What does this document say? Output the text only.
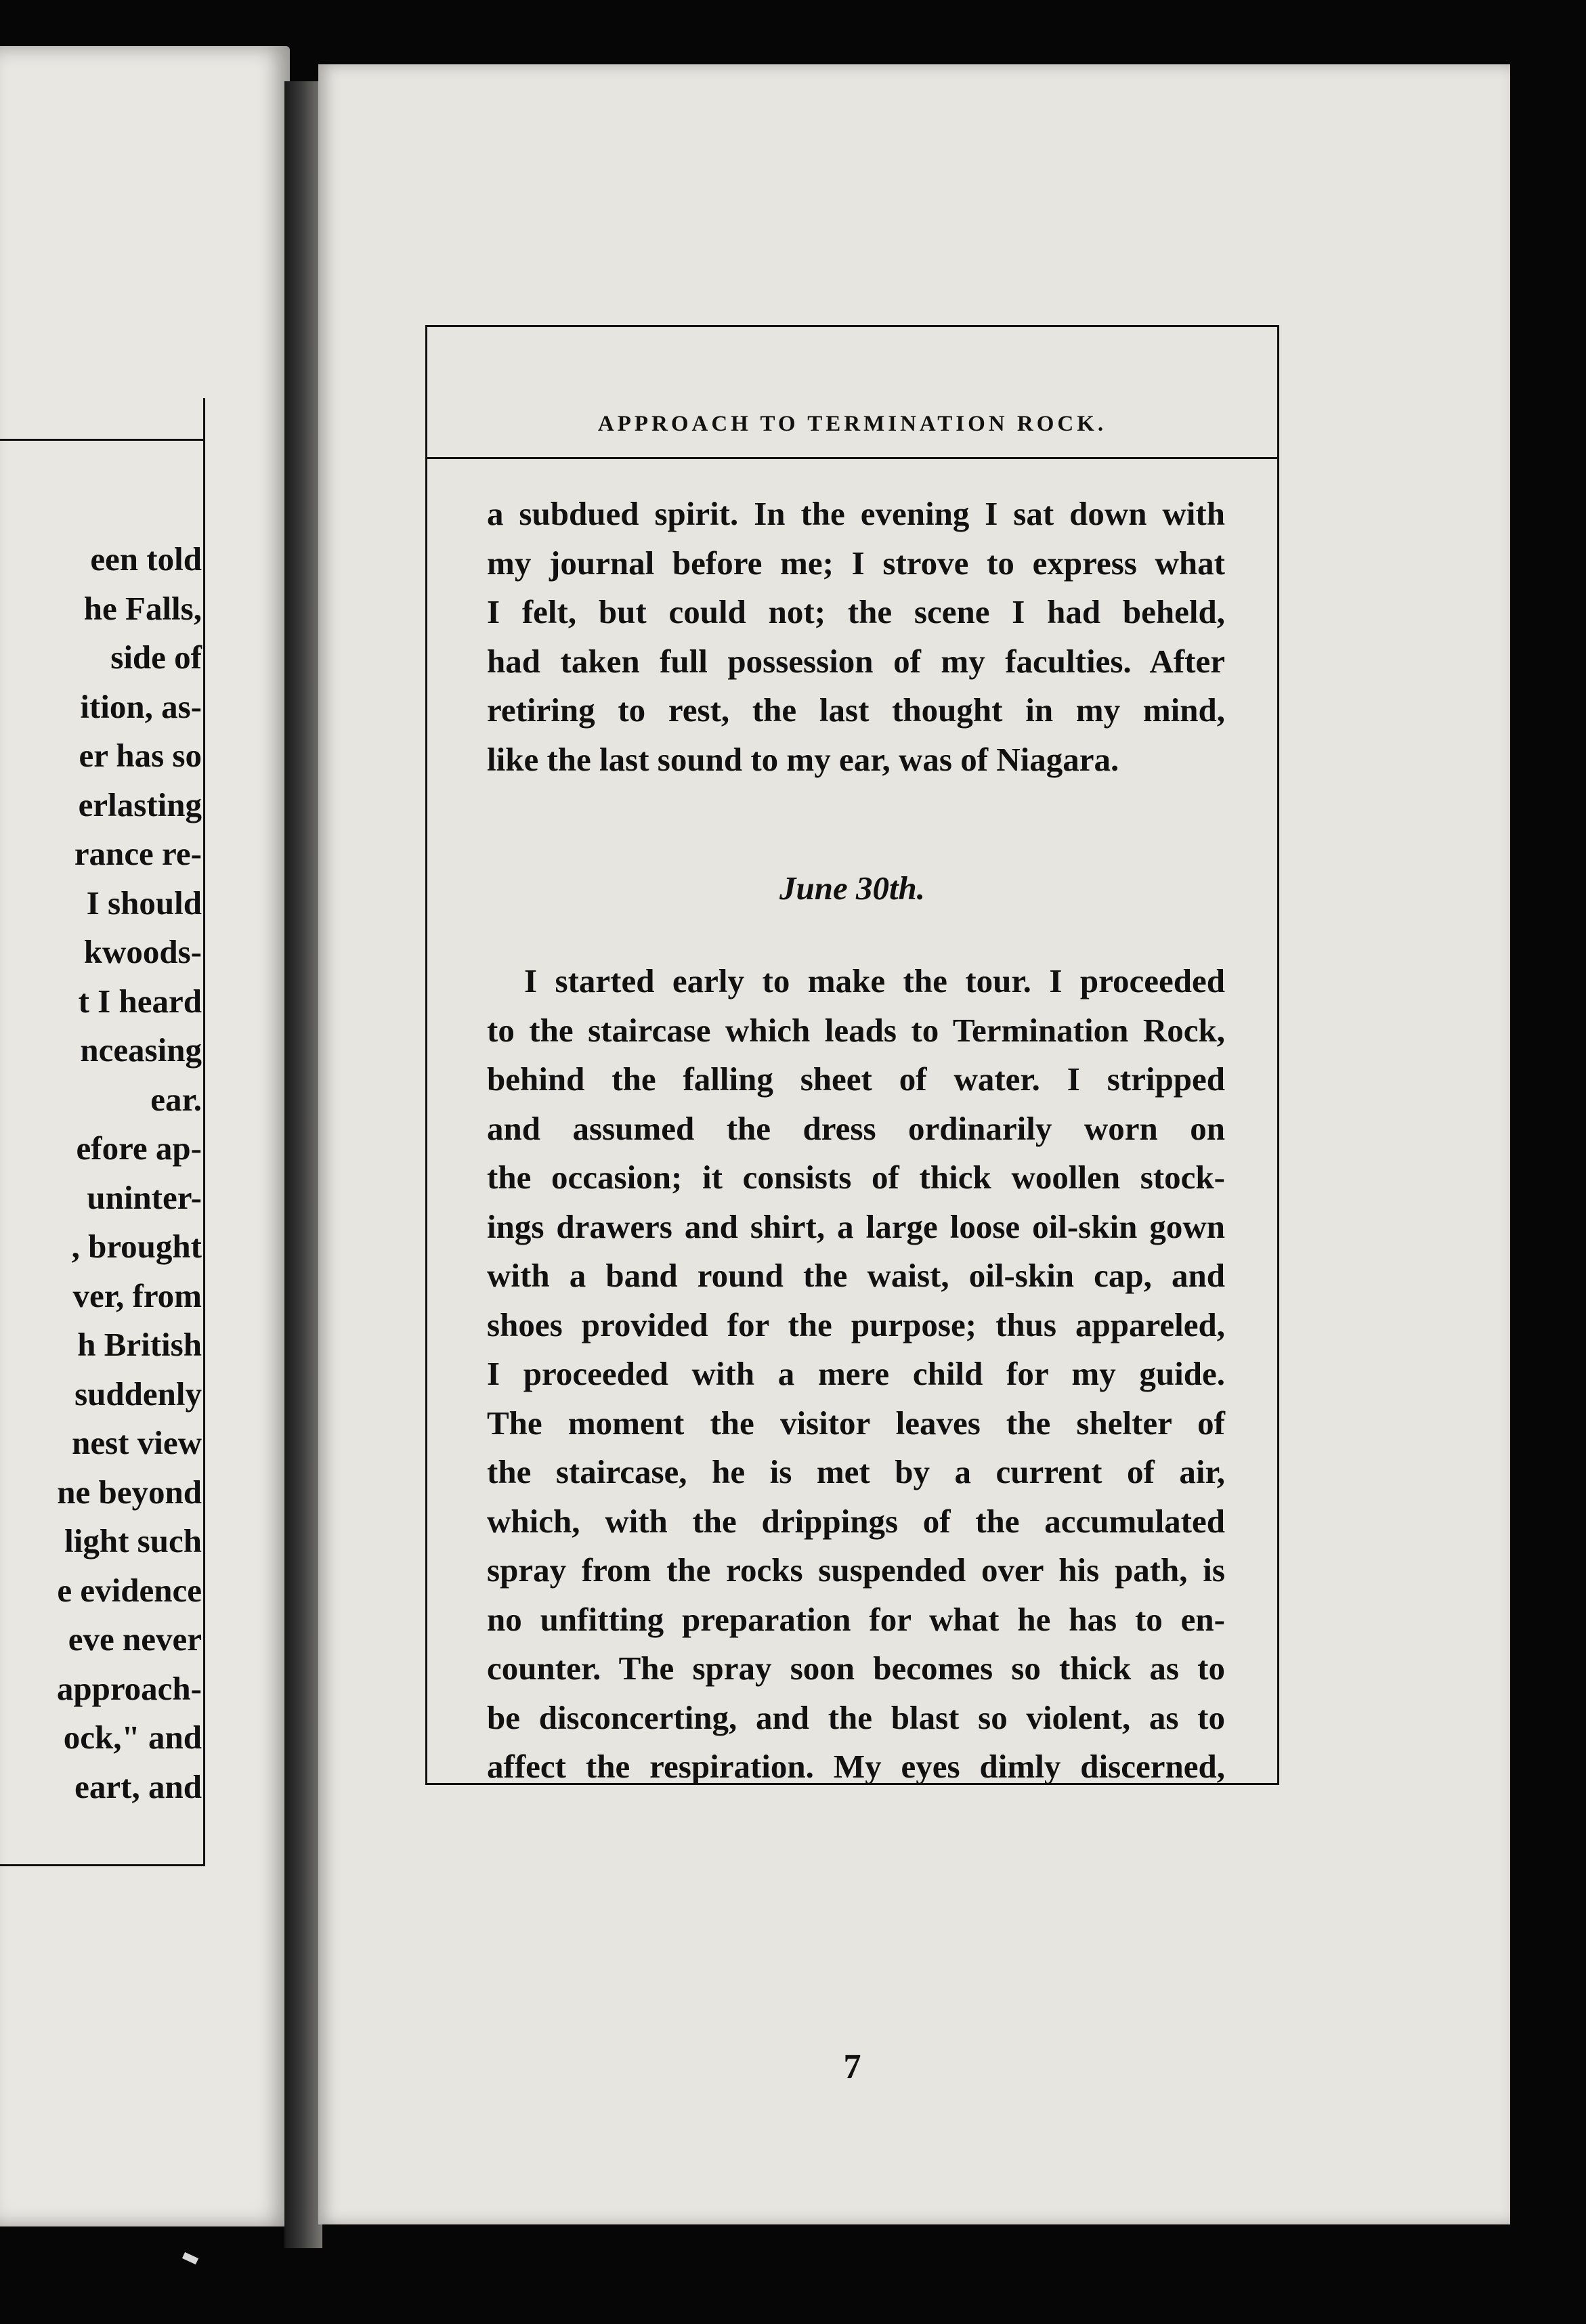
een told
he Falls,
side of
ition, as-
er has so
erlasting
rance re-
I should
kwoods-
t I heard
nceasing
ear.
efore ap-
uninter-
, brought
ver, from
h British
suddenly
nest view
ne beyond
light such
e evidence
eve never
approach-
ock," and
eart, and
APPROACH TO TERMINATION ROCK.
a subdued spirit. In the evening I sat down with
my journal before me; I strove to express what
I felt, but could not; the scene I had beheld,
had taken full possession of my faculties. After
retiring to rest, the last thought in my mind,
like the last sound to my ear, was of Niagara.
June 30th.
I started early to make the tour. I proceeded
to the staircase which leads to Termination Rock,
behind the falling sheet of water. I stripped
and assumed the dress ordinarily worn on
the occasion; it consists of thick woollen stock-
ings drawers and shirt, a large loose oil-skin gown
with a band round the waist, oil-skin cap, and
shoes provided for the purpose; thus appareled,
I proceeded with a mere child for my guide.
The moment the visitor leaves the shelter of
the staircase, he is met by a current of air,
which, with the drippings of the accumulated
spray from the rocks suspended over his path, is
no unfitting preparation for what he has to en-
counter. The spray soon becomes so thick as to
be disconcerting, and the blast so violent, as to
affect the respiration. My eyes dimly discerned,
7
